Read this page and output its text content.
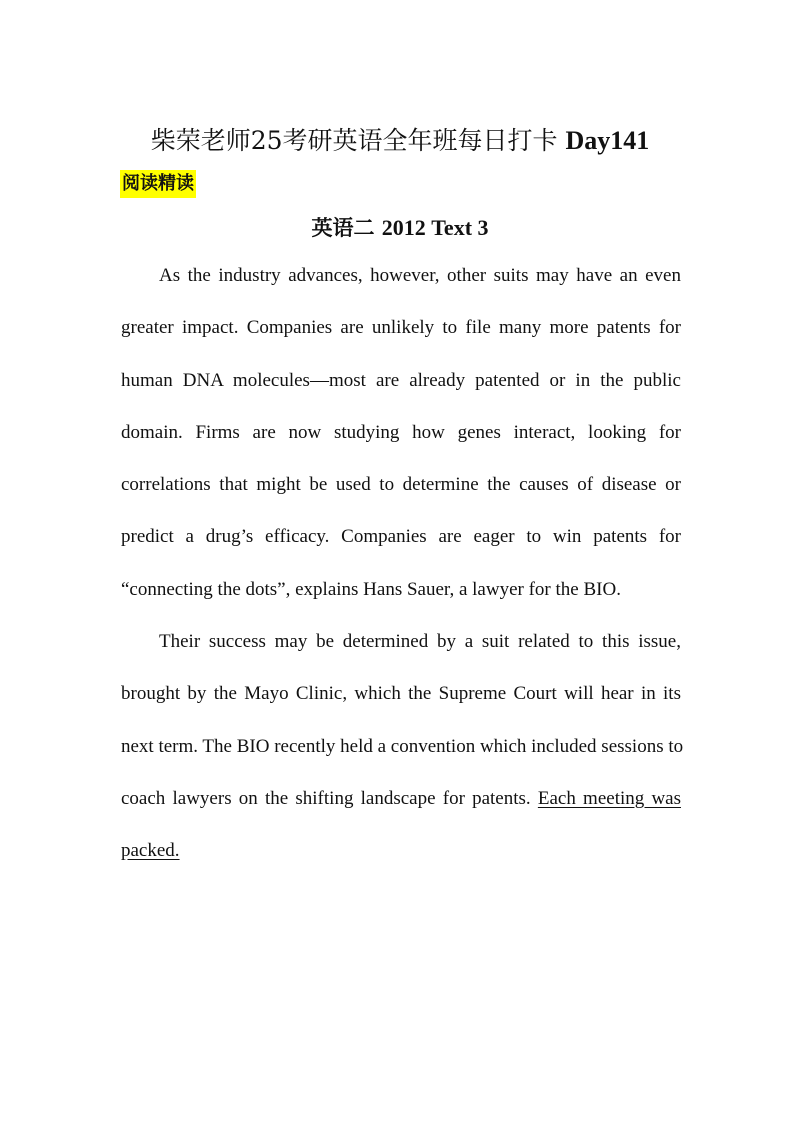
柴荣老师25考研英语全年班每日打卡 Day141
阅读精读
英语二 2012 Text 3
As the industry advances, however, other suits may have an even
greater impact. Companies are unlikely to file many more patents for
human DNA molecules—most are already patented or in the public
domain. Firms are now studying how genes interact, looking for
correlations that might be used to determine the causes of disease or
predict a drug’s efficacy. Companies are eager to win patents for
“connecting the dots”, explains Hans Sauer, a lawyer for the BIO.
Their success may be determined by a suit related to this issue,
brought by the Mayo Clinic, which the Supreme Court will hear in its
next term. The BIO recently held a convention which included sessions to
coach lawyers on the shifting landscape for patents. Each meeting was
packed.
